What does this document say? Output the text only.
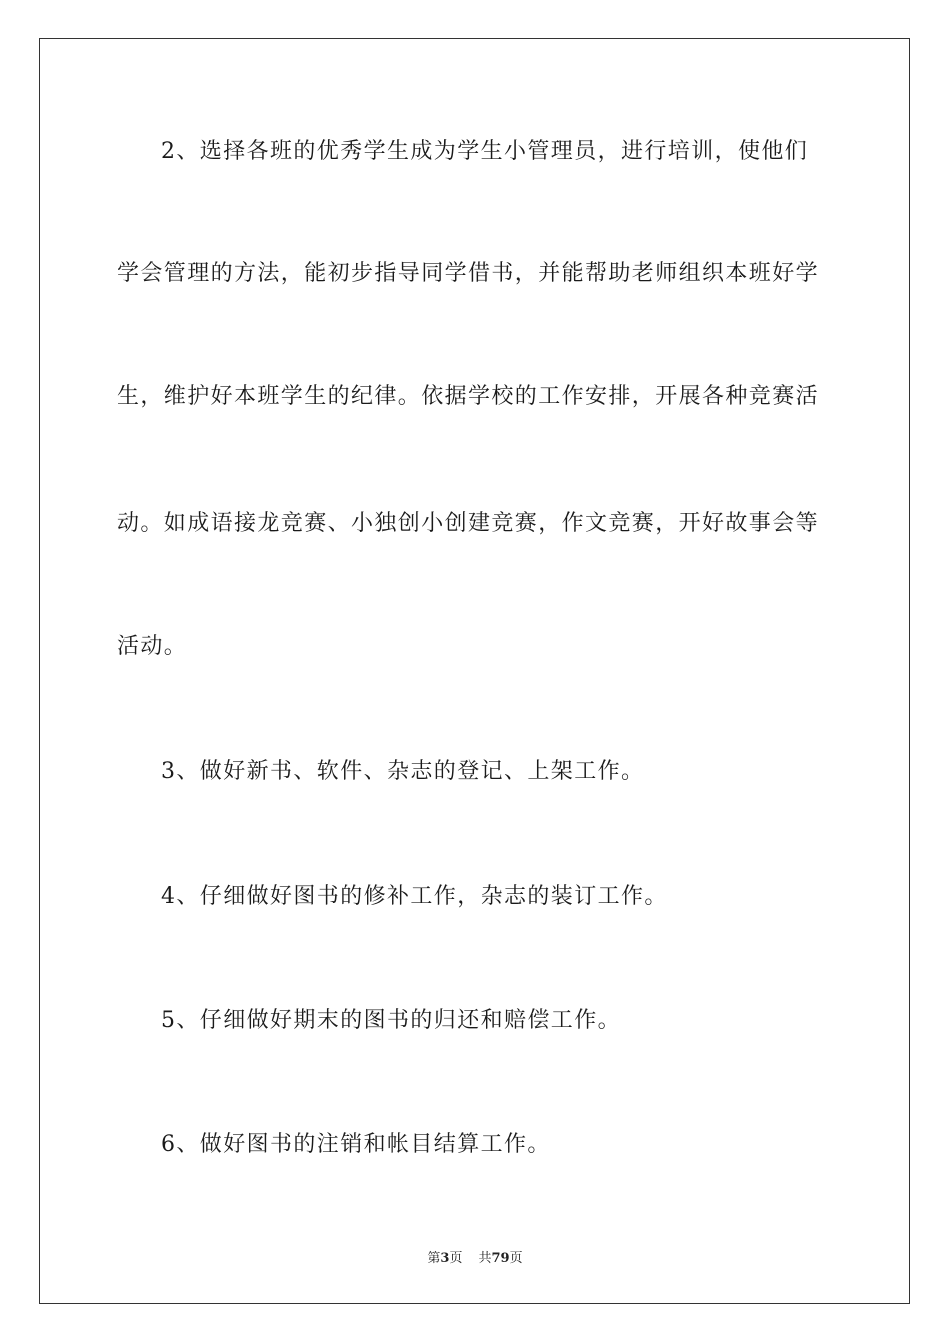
2、选择各班的优秀学生成为学生小管理员，进行培训，使他们
学会管理的方法，能初步指导同学借书，并能帮助老师组织本班好学
生，维护好本班学生的纪律。依据学校的工作安排，开展各种竞赛活
动。如成语接龙竞赛、小独创小创建竞赛，作文竞赛，开好故事会等
活动。
3、做好新书、软件、杂志的登记、上架工作。
4、仔细做好图书的修补工作，杂志的装订工作。
5、仔细做好期末的图书的归还和赔偿工作。
6、做好图书的注销和帐目结算工作。
第3页 共79页
